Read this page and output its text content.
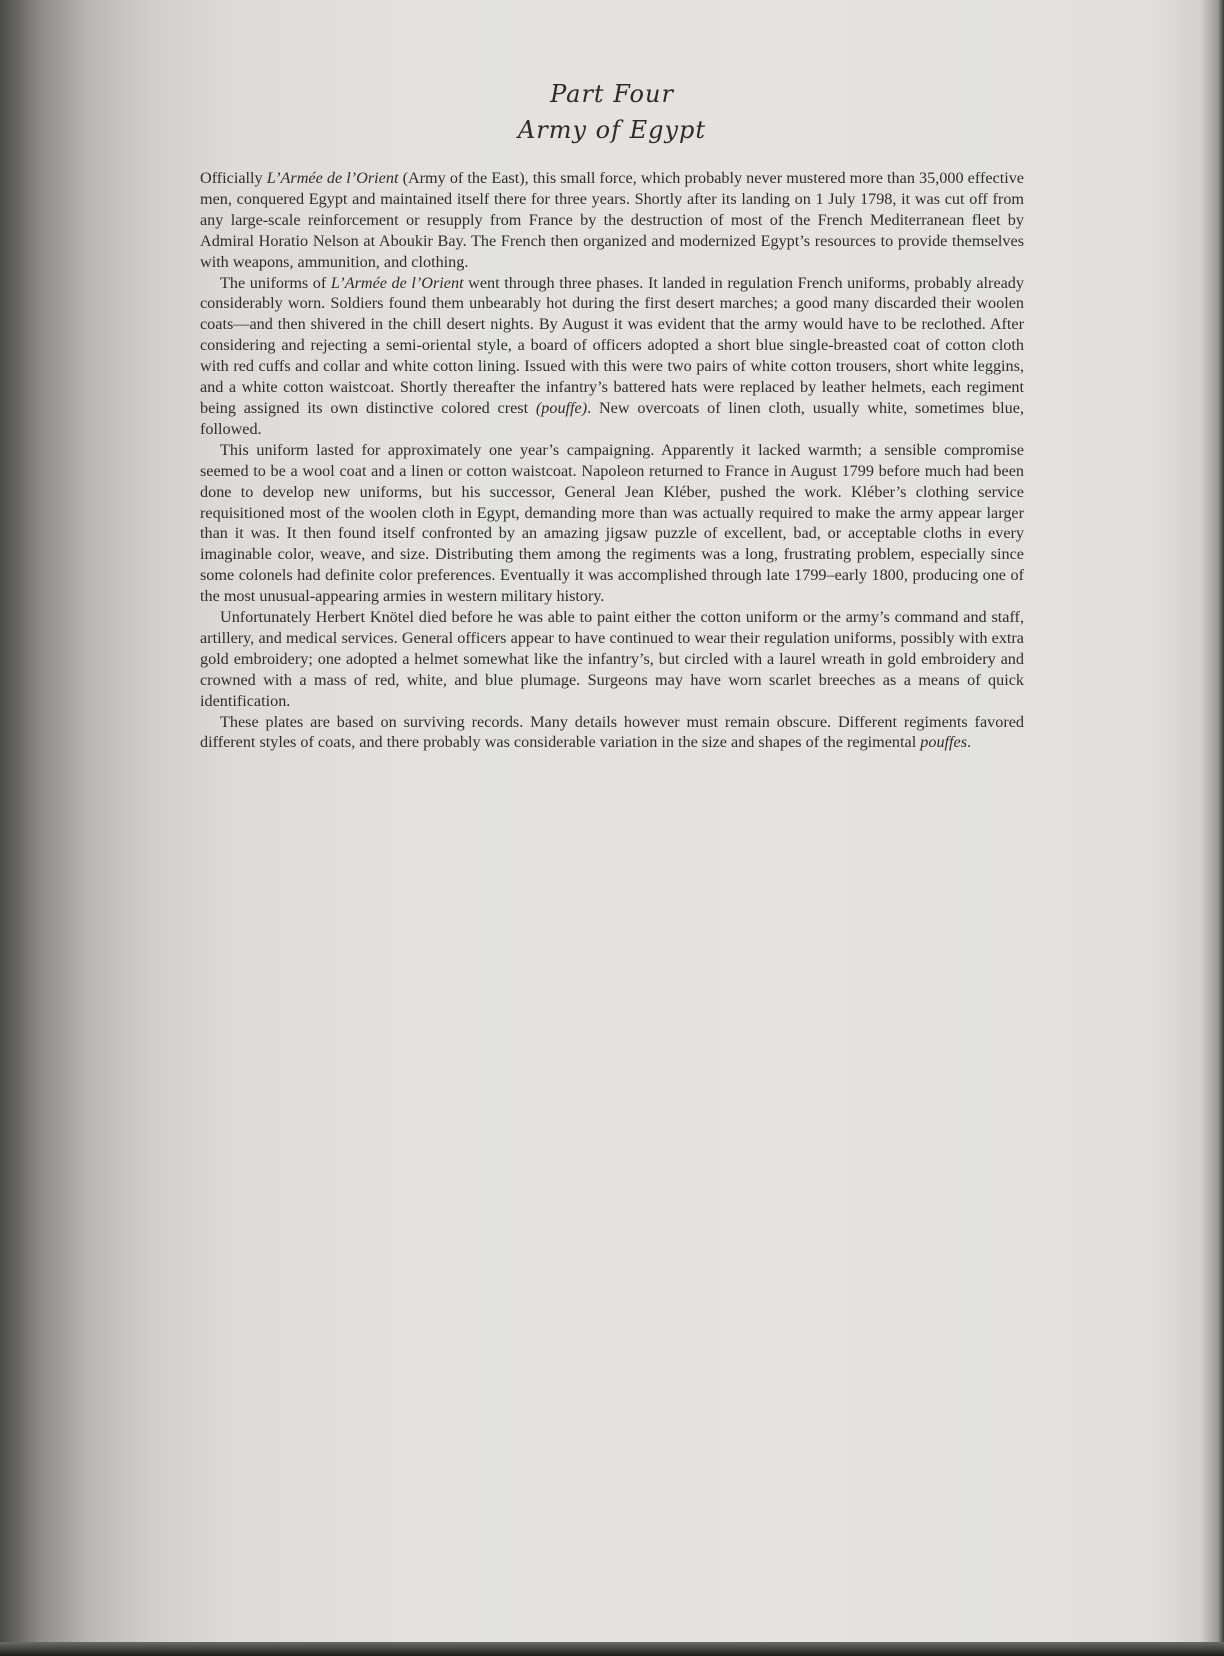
Part Four
Army of Egypt

Officially L’Armée de l’Orient (Army of the East), this small force, which probably never mustered more than 35,000 effective men, conquered Egypt and maintained itself there for three years. Shortly after its landing on 1 July 1798, it was cut off from any large-scale reinforcement or resupply from France by the destruction of most of the French Mediterranean fleet by Admiral Horatio Nelson at Aboukir Bay. The French then organized and modernized Egypt’s resources to provide themselves with weapons, ammunition, and clothing.

The uniforms of L’Armée de l’Orient went through three phases. It landed in regulation French uniforms, probably already considerably worn. Soldiers found them unbearably hot during the first desert marches; a good many discarded their woolen coats—and then shivered in the chill desert nights. By August it was evident that the army would have to be reclothed. After considering and rejecting a semi-oriental style, a board of officers adopted a short blue single-breasted coat of cotton cloth with red cuffs and collar and white cotton lining. Issued with this were two pairs of white cotton trousers, short white leggins, and a white cotton waistcoat. Shortly thereafter the infantry’s battered hats were replaced by leather helmets, each regiment being assigned its own distinctive colored crest (pouffe). New overcoats of linen cloth, usually white, sometimes blue, followed.

This uniform lasted for approximately one year’s campaigning. Apparently it lacked warmth; a sensible compromise seemed to be a wool coat and a linen or cotton waistcoat. Napoleon returned to France in August 1799 before much had been done to develop new uniforms, but his successor, General Jean Kléber, pushed the work. Kléber’s clothing service requisitioned most of the woolen cloth in Egypt, demanding more than was actually required to make the army appear larger than it was. It then found itself confronted by an amazing jigsaw puzzle of excellent, bad, or acceptable cloths in every imaginable color, weave, and size. Distributing them among the regiments was a long, frustrating problem, especially since some colonels had definite color preferences. Eventually it was accomplished through late 1799–early 1800, producing one of the most unusual-appearing armies in western military history.

Unfortunately Herbert Knötel died before he was able to paint either the cotton uniform or the army’s command and staff, artillery, and medical services. General officers appear to have continued to wear their regulation uniforms, possibly with extra gold embroidery; one adopted a helmet somewhat like the infantry’s, but circled with a laurel wreath in gold embroidery and crowned with a mass of red, white, and blue plumage. Surgeons may have worn scarlet breeches as a means of quick identification.

These plates are based on surviving records. Many details however must remain obscure. Different regiments favored different styles of coats, and there probably was considerable variation in the size and shapes of the regimental pouffes.
